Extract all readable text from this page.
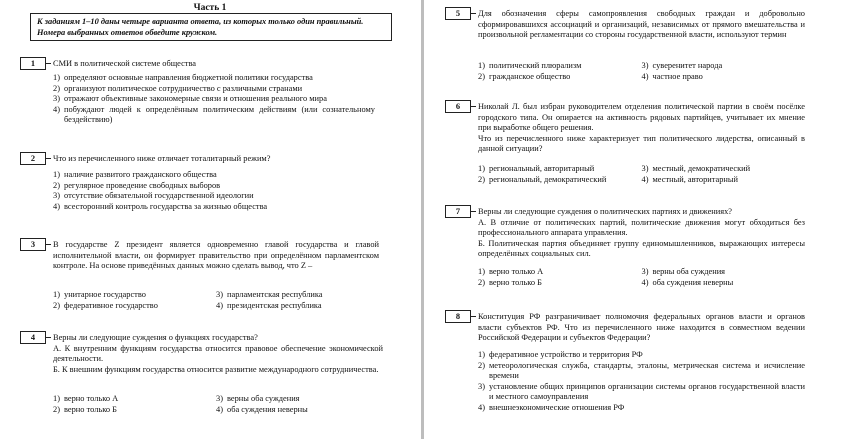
Часть 1
К заданиям 1–10 даны четыре варианта ответа, из которых только один правильный. Номера выбранных ответов обведите кружком.
1	СМИ в политической системе общества
1) определяют основные направления бюджетной политики государства
2) организуют политическое сотрудничество с различными странами
3) отражают объективные закономерные связи и отношения реального мира
4) побуждают людей к определённым политическим действиям (или сознательному бездействию)
2	Что из перечисленного ниже отличает тоталитарный режим?
1) наличие развитого гражданского общества
2) регулярное проведение свободных выборов
3) отсутствие обязательной государственной идеологии
4) всесторонний контроль государства за жизнью общества
3	В государстве Z президент является одновременно главой государства и главой исполнительной власти, он формирует правительство при определённом парламентском контроле. На основе приведённых данных можно сделать вывод, что Z –
1) унитарное государство	3) парламентская республика
2) федеративное государство	4) президентская республика
4	Верны ли следующие суждения о функциях государства?
А. К внутренним функциям государства относится правовое обеспечение экономической деятельности.
Б. К внешним функциям государства относится развитие международного сотрудничества.
1) верно только А	3) верны оба суждения
2) верно только Б	4) оба суждения неверны
5	Для обозначения сферы самопроявления свободных граждан и добровольно сформировавшихся ассоциаций и организаций, независимых от прямого вмешательства и произвольной регламентации со стороны государственной власти, используют термин
1) политический плюрализм	3) суверенитет народа
2) гражданское общество	4) частное право
6	Николай Л. был избран руководителем отделения политической партии в своём посёлке городского типа. Он опирается на активность рядовых партийцев, учитывает их мнение при выработке общего решения.
Что из перечисленного ниже характеризует тип политического лидерства, описанный в данной ситуации?
1) региональный, авторитарный	3) местный, демократический
2) региональный, демократический	4) местный, авторитарный
7	Верны ли следующие суждения о политических партиях и движениях?
А. В отличие от политических партий, политические движения могут обходиться без профессионального аппарата управления.
Б. Политическая партия объединяет группу единомышленников, выражающих интересы определённых социальных сил.
1) верно только А	3) верны оба суждения
2) верно только Б	4) оба суждения неверны
8	Конституция РФ разграничивает полномочия федеральных органов власти и органов власти субъектов РФ. Что из перечисленного ниже находится в совместном ведении Российской Федерации и субъектов Федерации?
1) федеративное устройство и территория РФ
2) метеорологическая служба, стандарты, эталоны, метрическая система и исчисление времени
3) установление общих принципов организации системы органов государственной власти и местного самоуправления
4) внешнеэкономические отношения РФ
